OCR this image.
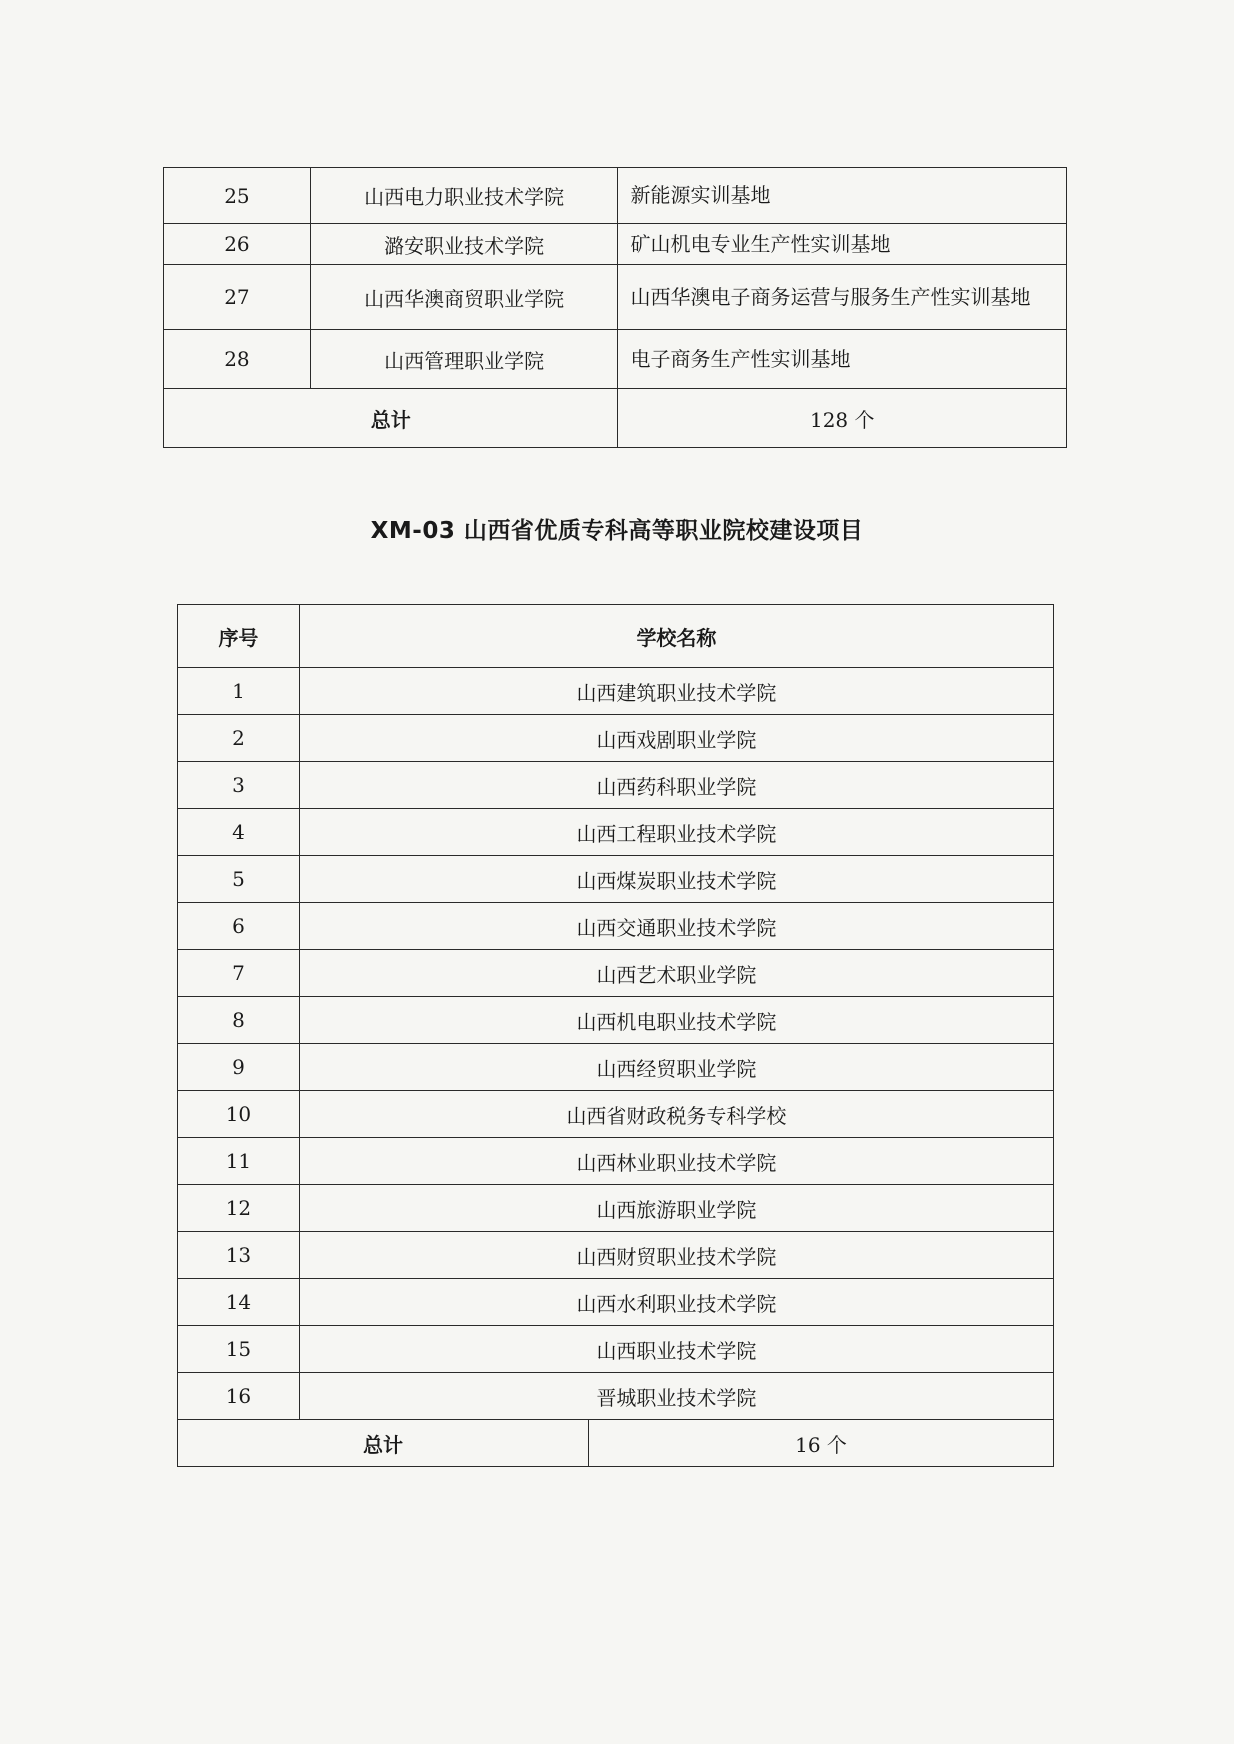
25	山西电力职业技术学院	新能源实训基地
26	潞安职业技术学院	矿山机电专业生产性实训基地
27	山西华澳商贸职业学院	山西华澳电子商务运营与服务生产性实训基地
28	山西管理职业学院	电子商务生产性实训基地
总计		128 个
XM-03 山西省优质专科高等职业院校建设项目
序号	学校名称
1	山西建筑职业技术学院
2	山西戏剧职业学院
3	山西药科职业学院
4	山西工程职业技术学院
5	山西煤炭职业技术学院
6	山西交通职业技术学院
7	山西艺术职业学院
8	山西机电职业技术学院
9	山西经贸职业学院
10	山西省财政税务专科学校
11	山西林业职业技术学院
12	山西旅游职业学院
13	山西财贸职业技术学院
14	山西水利职业技术学院
15	山西职业技术学院
16	晋城职业技术学院

总计	16 个
